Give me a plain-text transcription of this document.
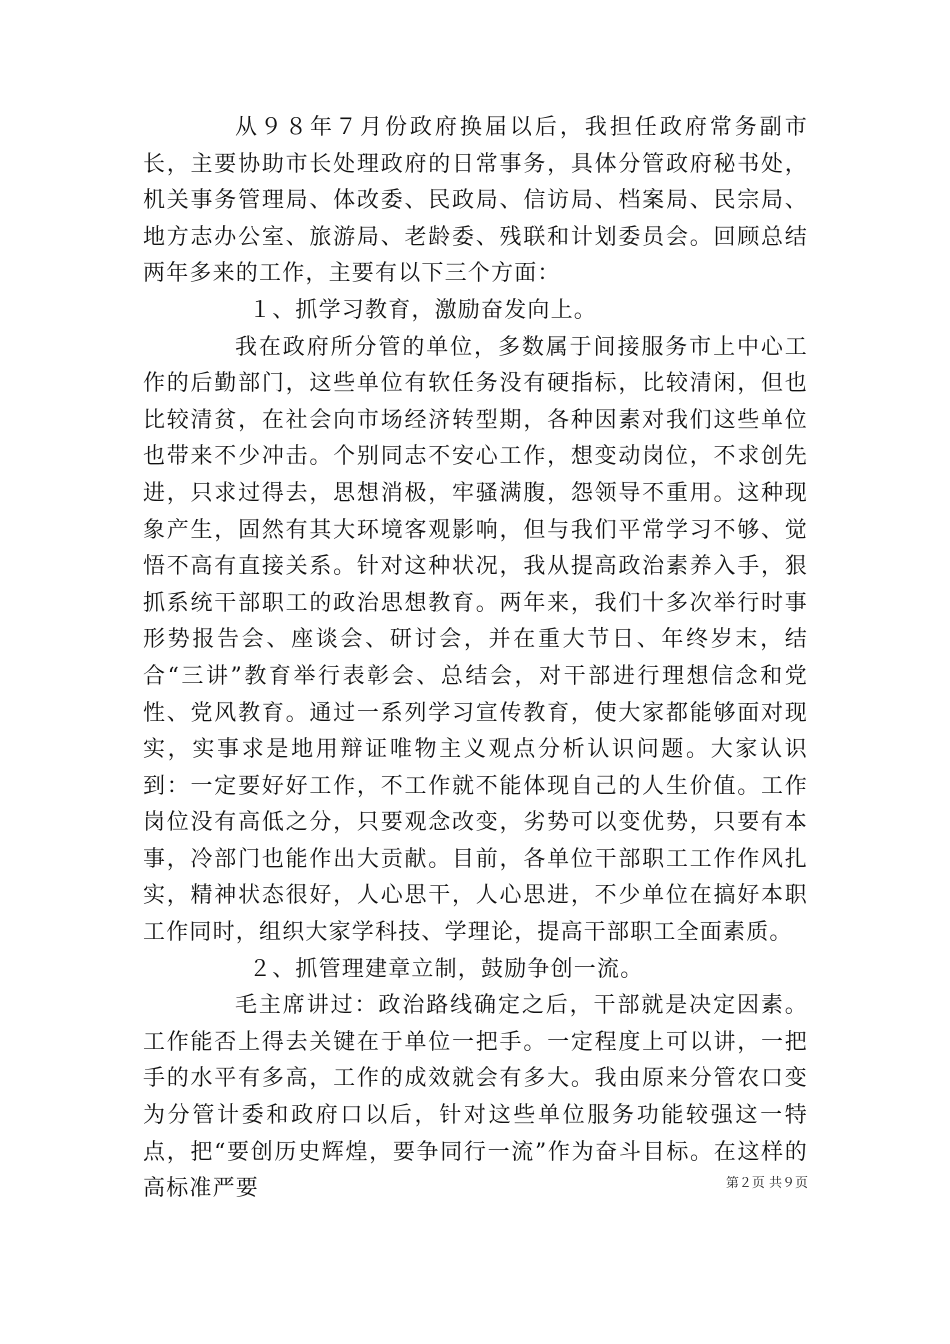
从９８年７月份政府换届以后，我担任政府常务副市长，主要协助市长处理政府的日常事务，具体分管政府秘书处，机关事务管理局、体改委、民政局、信访局、档案局、民宗局、地方志办公室、旅游局、老龄委、残联和计划委员会。回顾总结两年多来的工作，主要有以下三个方面：

１、抓学习教育，激励奋发向上。

我在政府所分管的单位，多数属于间接服务市上中心工作的后勤部门，这些单位有软任务没有硬指标，比较清闲，但也比较清贫，在社会向市场经济转型期，各种因素对我们这些单位也带来不少冲击。个别同志不安心工作，想变动岗位，不求创先进，只求过得去，思想消极，牢骚满腹，怨领导不重用。这种现象产生，固然有其大环境客观影响，但与我们平常学习不够、觉悟不高有直接关系。针对这种状况，我从提高政治素养入手，狠抓系统干部职工的政治思想教育。两年来，我们十多次举行时事形势报告会、座谈会、研讨会，并在重大节日、年终岁末，结合“三讲”教育举行表彰会、总结会，对干部进行理想信念和党性、党风教育。通过一系列学习宣传教育，使大家都能够面对现实，实事求是地用辩证唯物主义观点分析认识问题。大家认识到：一定要好好工作，不工作就不能体现自己的人生价值。工作岗位没有高低之分，只要观念改变，劣势可以变优势，只要有本事，冷部门也能作出大贡献。目前，各单位干部职工工作作风扎实，精神状态很好，人心思干，人心思进，不少单位在搞好本职工作同时，组织大家学科技、学理论，提高干部职工全面素质。

２、抓管理建章立制，鼓励争创一流。

毛主席讲过：政治路线确定之后，干部就是决定因素。工作能否上得去关键在于单位一把手。一定程度上可以讲，一把手的水平有多高，工作的成效就会有多大。我由原来分管农口变为分管计委和政府口以后，针对这些单位服务功能较强这一特点，把“要创历史辉煌，要争同行一流”作为奋斗目标。在这样的高标准严要	第２页 共９页
